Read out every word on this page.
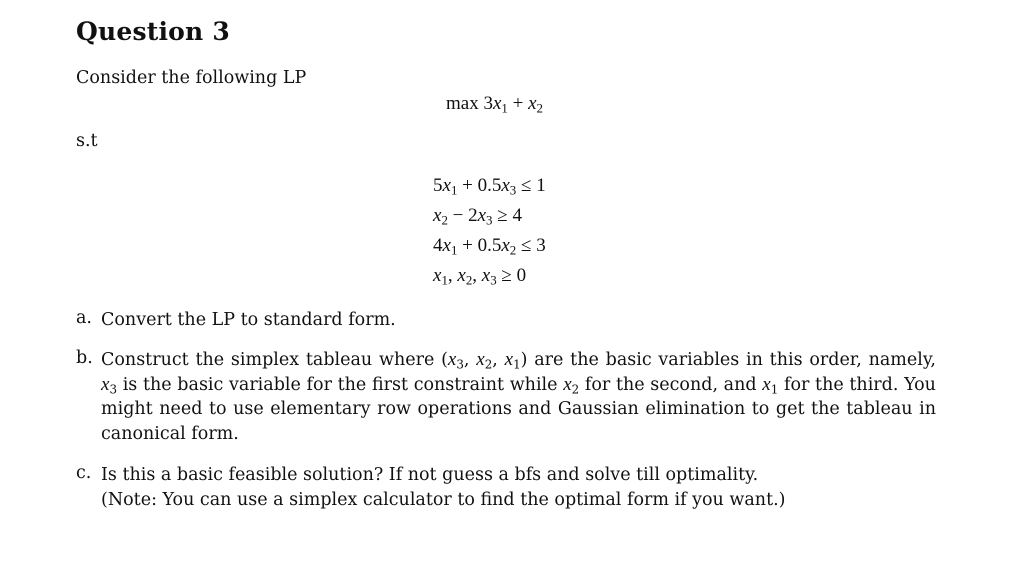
Question 3
Consider the following LP
$\max 3x_1 + x_2$
s.t
$5x_1 + 0.5x_3 \le 1$
$x_2 - 2x_3 \ge 4$
$4x_1 + 0.5x_2 \le 3$
$x_1$, $x_2$, $x_3 \ge 0$
a. Convert the LP to standard form.
b. Construct the simplex tableau where ($x_3$, $x_2$, $x_1$) are the basic variables in this order, namely, $x_3$ is the basic variable for the first constraint while $x_2$ for the second, and $x_1$ for the third. You might need to use elementary row operations and Gaussian elimination to get the tableau in canonical form.
c. Is this a basic feasible solution? If not guess a bfs and solve till optimality.
(Note: You can use a simplex calculator to find the optimal form if you want.)
